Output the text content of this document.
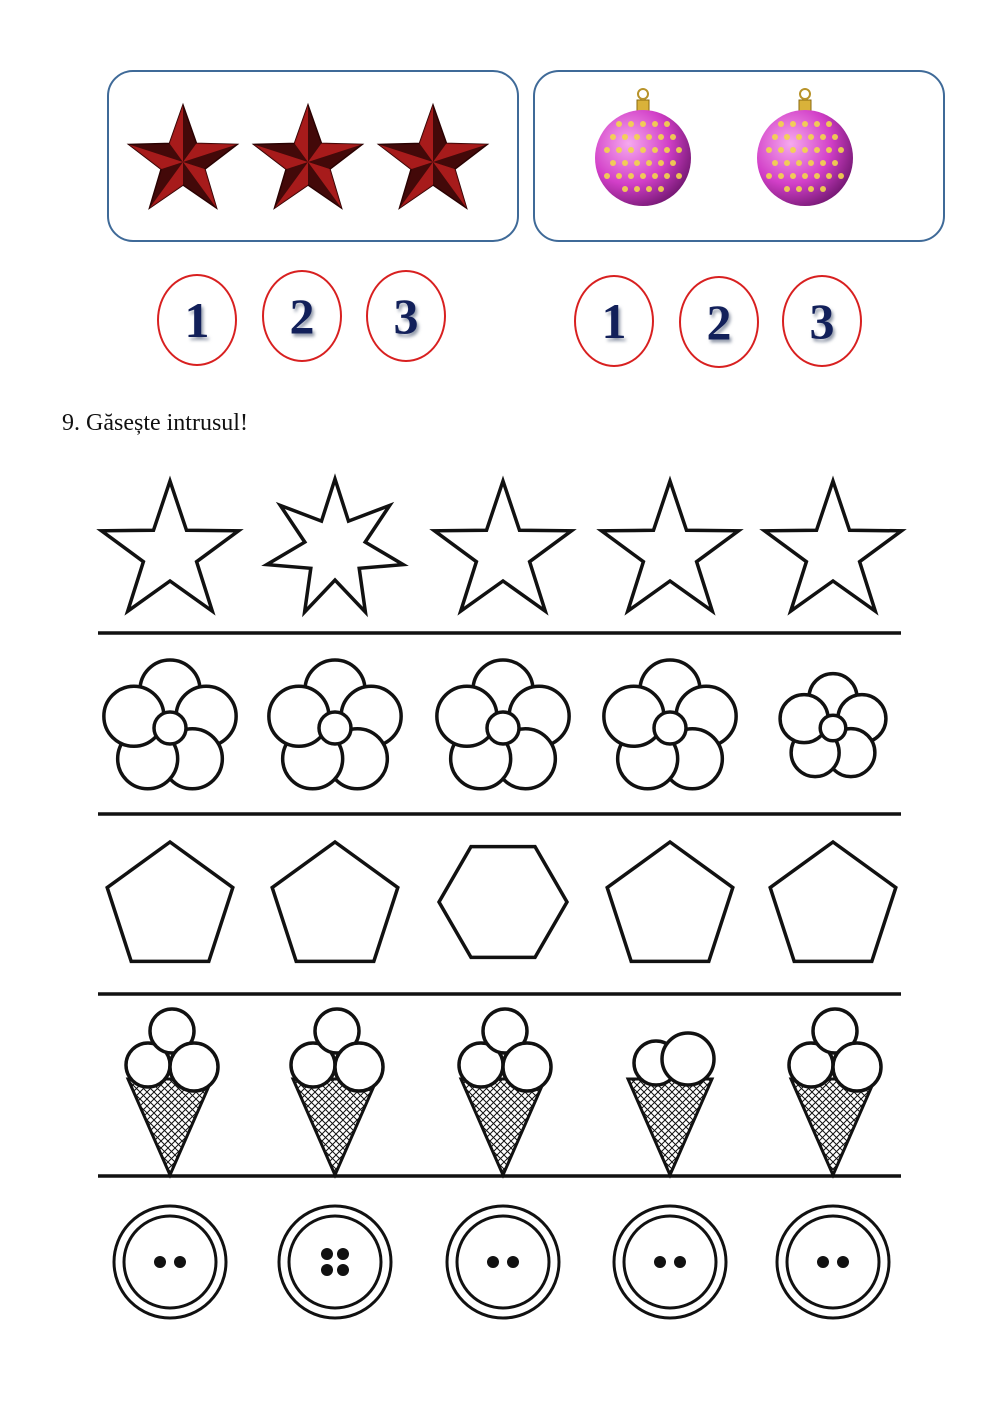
1	2	3	1	2	3
9. Găsește intrusul!
